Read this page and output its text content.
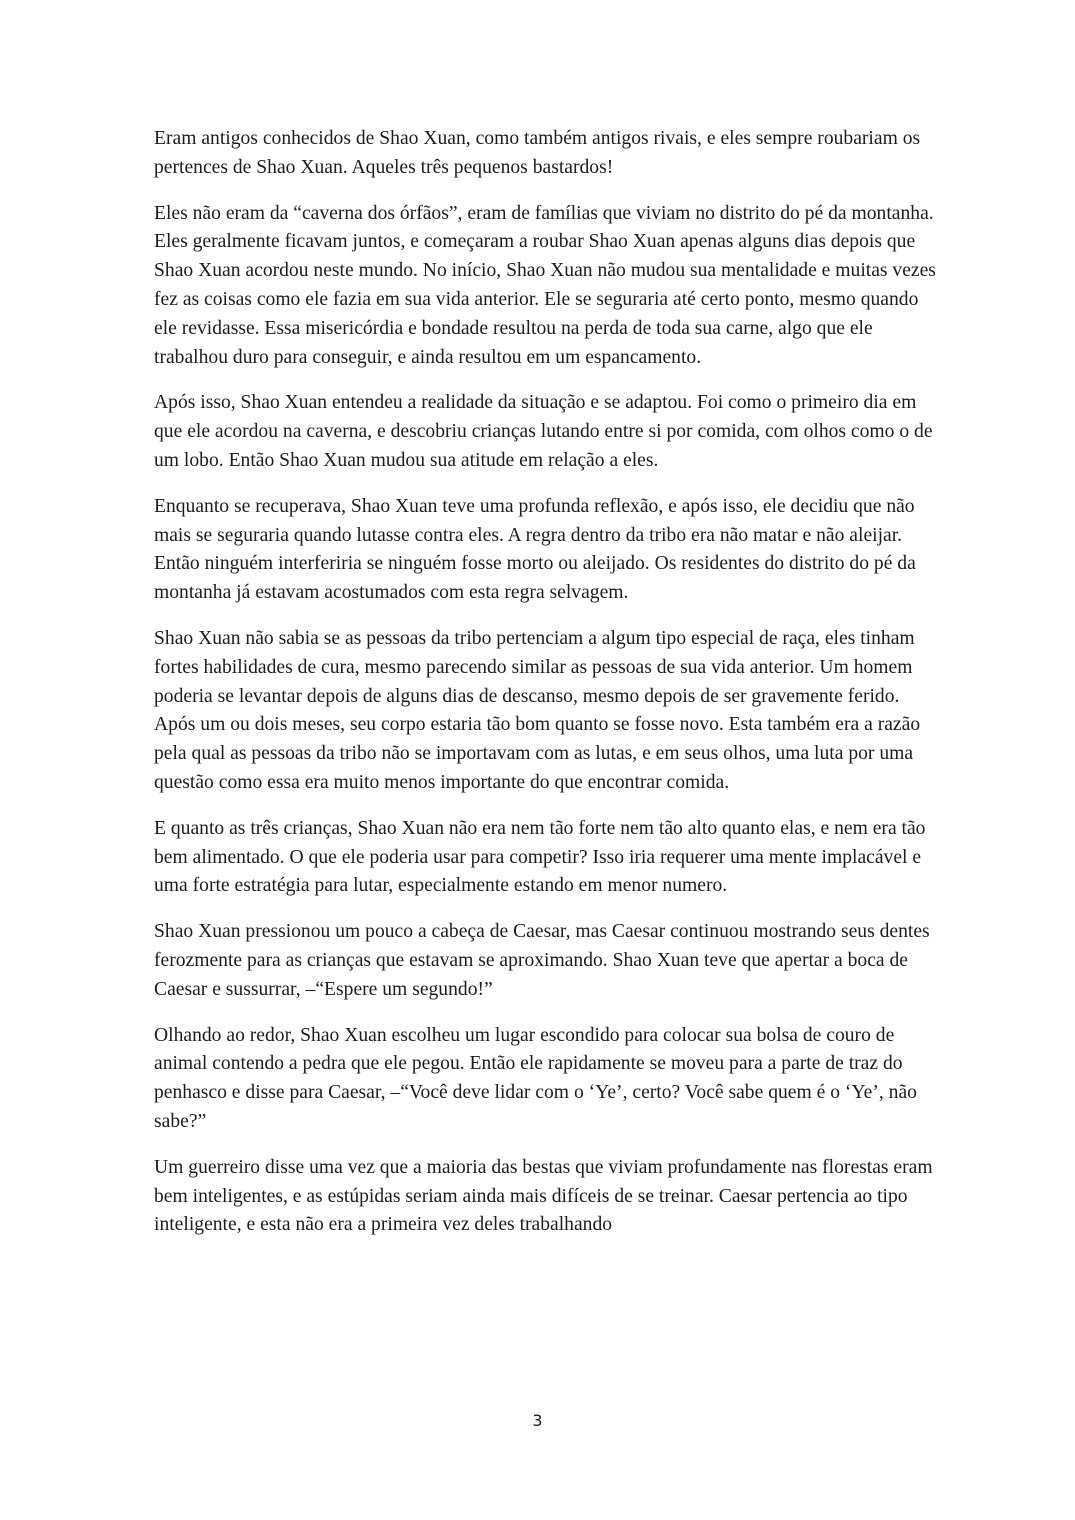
Eram antigos conhecidos de Shao Xuan, como também antigos rivais, e eles sempre roubariam os pertences de Shao Xuan. Aqueles três pequenos bastardos!

Eles não eram da “caverna dos órfãos”, eram de famílias que viviam no distrito do pé da montanha. Eles geralmente ficavam juntos, e começaram a roubar Shao Xuan apenas alguns dias depois que Shao Xuan acordou neste mundo. No início, Shao Xuan não mudou sua mentalidade e muitas vezes fez as coisas como ele fazia em sua vida anterior. Ele se seguraria até certo ponto, mesmo quando ele revidasse. Essa misericórdia e bondade resultou na perda de toda sua carne, algo que ele trabalhou duro para conseguir, e ainda resultou em um espancamento.

Após isso, Shao Xuan entendeu a realidade da situação e se adaptou. Foi como o primeiro dia em que ele acordou na caverna, e descobriu crianças lutando entre si por comida, com olhos como o de um lobo. Então Shao Xuan mudou sua atitude em relação a eles.

Enquanto se recuperava, Shao Xuan teve uma profunda reflexão, e após isso, ele decidiu que não mais se seguraria quando lutasse contra eles. A regra dentro da tribo era não matar e não aleijar. Então ninguém interferiria se ninguém fosse morto ou aleijado. Os residentes do distrito do pé da montanha já estavam acostumados com esta regra selvagem.

Shao Xuan não sabia se as pessoas da tribo pertenciam a algum tipo especial de raça, eles tinham fortes habilidades de cura, mesmo parecendo similar as pessoas de sua vida anterior. Um homem poderia se levantar depois de alguns dias de descanso, mesmo depois de ser gravemente ferido. Após um ou dois meses, seu corpo estaria tão bom quanto se fosse novo. Esta também era a razão pela qual as pessoas da tribo não se importavam com as lutas, e em seus olhos, uma luta por uma questão como essa era muito menos importante do que encontrar comida.

E quanto as três crianças, Shao Xuan não era nem tão forte nem tão alto quanto elas, e nem era tão bem alimentado. O que ele poderia usar para competir? Isso iria requerer uma mente implacável e uma forte estratégia para lutar, especialmente estando em menor numero.

Shao Xuan pressionou um pouco a cabeça de Caesar, mas Caesar continuou mostrando seus dentes ferozmente para as crianças que estavam se aproximando. Shao Xuan teve que apertar a boca de Caesar e sussurrar, –“Espere um segundo!”

Olhando ao redor, Shao Xuan escolheu um lugar escondido para colocar sua bolsa de couro de animal contendo a pedra que ele pegou. Então ele rapidamente se moveu para a parte de traz do penhasco e disse para Caesar, –“Você deve lidar com o ‘Ye’, certo? Você sabe quem é o ‘Ye’, não sabe?”

Um guerreiro disse uma vez que a maioria das bestas que viviam profundamente nas florestas eram bem inteligentes, e as estúpidas seriam ainda mais difíceis de se treinar. Caesar pertencia ao tipo inteligente, e esta não era a primeira vez deles trabalhando

3
